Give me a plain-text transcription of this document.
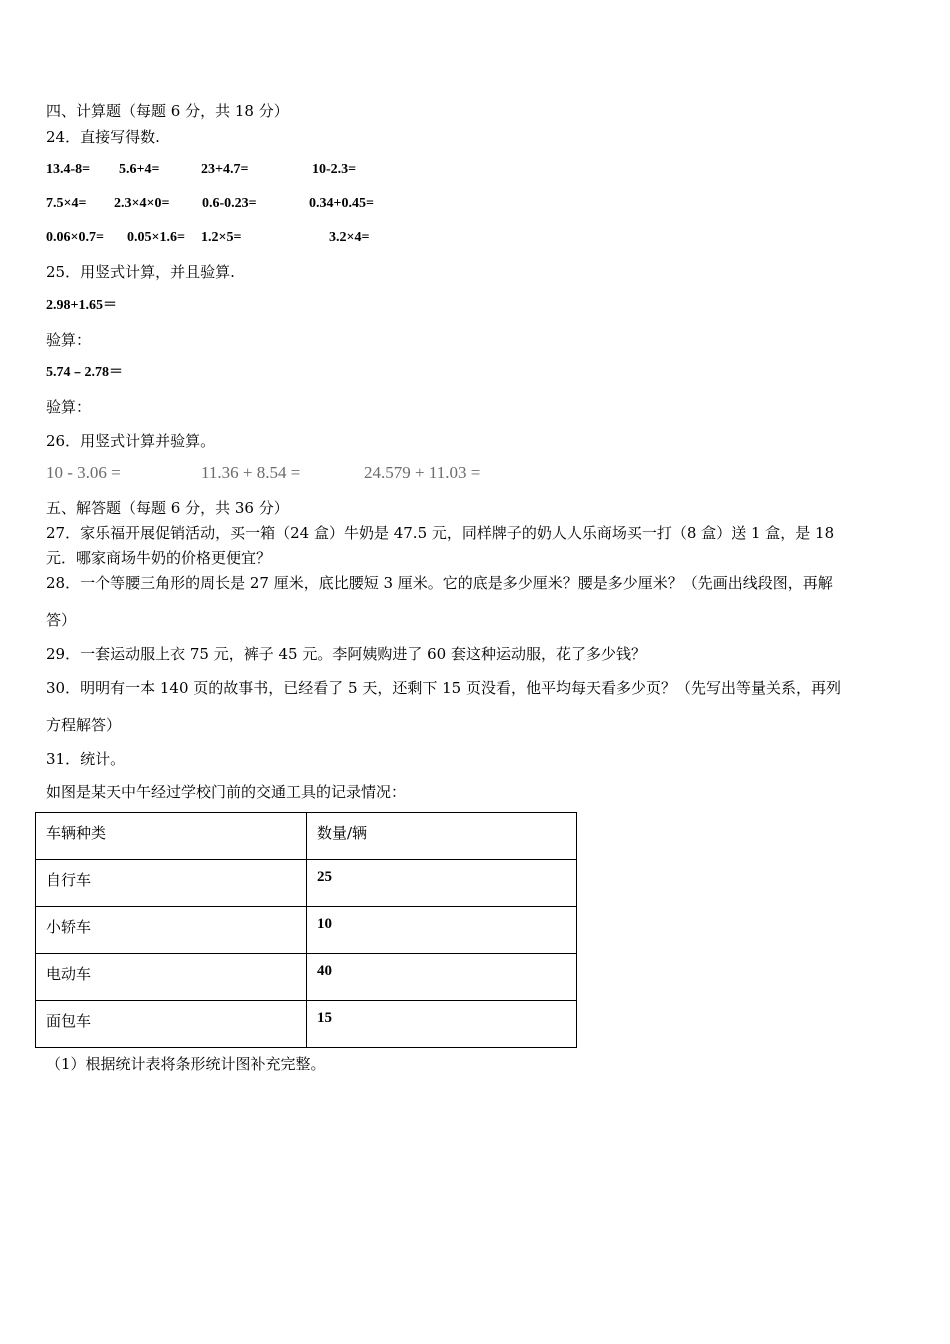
四、计算题（每题 6 分，共 18 分）
24．直接写得数.
13.4-8= 5.6+4=	23+4.7=	10-2.3=
7.5×4= 2.3×4×0= 0.6-0.23=	0.34+0.45=
0.06×0.7= 0.05×1.6= 1.2×5=	3.2×4=
25．用竖式计算，并且验算.
2.98+1.65＝
验算：
5.74﹣2.78＝
验算：
26．用竖式计算并验算。
10 - 3.06 =	11.36 + 8.54 =	24.579 + 11.03 =
五、解答题（每题 6 分，共 36 分）
27．家乐福开展促销活动，买一箱（24 盒）牛奶是 47.5 元，同样牌子的奶人人乐商场买一打（8 盒）送 1 盒，是 18
元．哪家商场牛奶的价格更便宜？
28．一个等腰三角形的周长是 27 厘米，底比腰短 3 厘米。它的底是多少厘米？腰是多少厘米？（先画出线段图，再解
答）
29．一套运动服上衣 75 元，裤子 45 元。李阿姨购进了 60 套这种运动服，花了多少钱？
30．明明有一本 140 页的故事书，已经看了 5 天，还剩下 15 页没看，他平均每天看多少页？（先写出等量关系，再列
方程解答）
31．统计。
如图是某天中午经过学校门前的交通工具的记录情况：
车辆种类	数量/辆

自行车	25

小轿车	10

电动车	40

面包车	15
（1）根据统计表将条形统计图补充完整。
